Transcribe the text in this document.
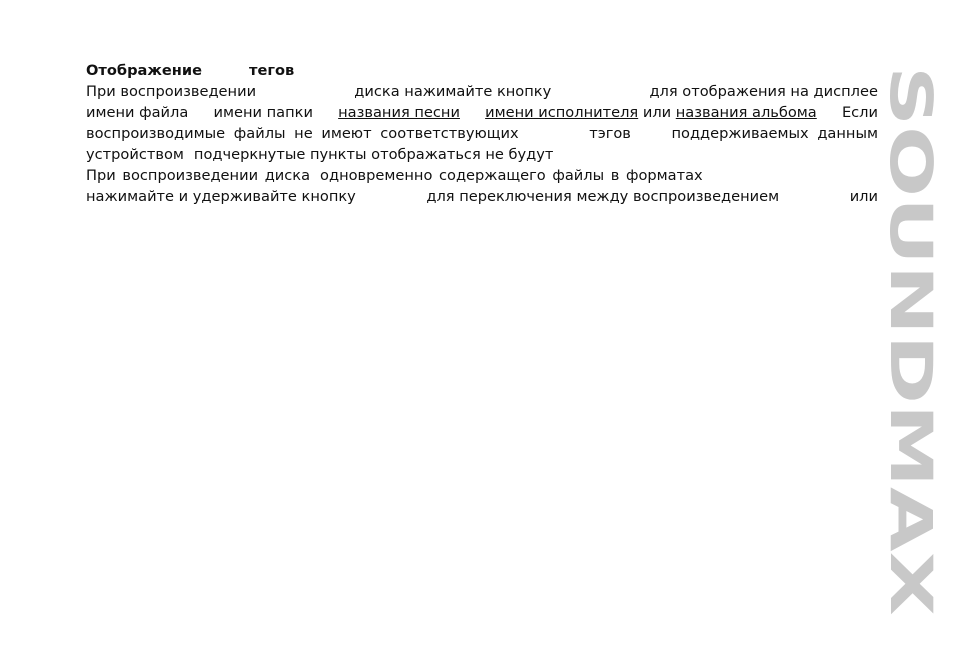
Отображение	тегов
При воспроизведении	диска нажимайте кнопку	для отображения на дисплее
имени файла имени папки названия песни имени исполнителя или названия альбома Если
воспроизводимые файлы не имеют соответствующих	тэгов	поддерживаемых данным
устройством подчеркнутые пункты отображаться не будут
При воспроизведении диска одновременно содержащего файлы в форматах
нажимайте и удерживайте кнопку	для переключения между воспроизведением	или SOUNDMAX
